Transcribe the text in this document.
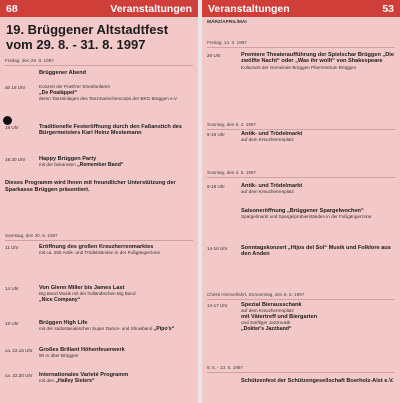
68	Veranstaltungen
19. Brüggener Altstadtfest
vom 29. 8. - 31. 8. 1997
Freitag, den 29. 8. 1997
Brüggener Abend
ab 18 Uhr	Konzert der Poeth'er Streefanfaren
„De Poatäppel“
deren Tanzeinlagen des Tanzmariechencorps der BKG Brüggen e.V.
19 Uhr	Traditionelle Festeröffnung durch den Faßanstich des Bürgermeisters Karl Heinz Mestemann
19.30 Uhr	Happy Brüggen Party
mit der bekannten „Remember Band“
Dieses Programm wird Ihnen mit freundlicher Unterstützung der Sparkasse Brüggen präsentiert.
Samstag, den 30. 8. 1997
11 Uhr	Eröffnung des großen Kreuzherrenmarktes
mit ca. 250 Antik- und Trödelständen in der Fußgängerzone
14 Uhr	Von Glenn Miller bis James Last
Big Band Musik mit der holländischen Big Band
„Nice Company“
19 Uhr	Brüggen High Life
mit der südostasiatischen Super Dance- und Showband „Pipo's“
ca. 22.15 Uhr	Großes Brillant Höhenfeuerwerk
80 m über Brüggen
ca. 22.30 Uhr	Internationales Varieté Programm
mit den „Halley Sisters“
Veranstaltungen	53
MÄRZ/APRIL/MAI
Freitag, 14. 3. 1997
20 Uhr	Premiere Theateraufführung der Spielschar Brüggen „Die zwölfte Nacht“ oder „Was ihr wollt“ von Shakespeare
Kulturamt der Gemeinde Brüggen Pfarrzentrum Brüggen
Sonntag, den 6. 4. 1997
9-16 Uhr	Antik- und Trödelmarkt
auf dem Kreuzherrenplatz
Sonntag, den 4. 5. 1997
9-18 Uhr	Antik- und Trödelmarkt
auf dem Kreuzherrenplatz
Saisoneröffnung „Brüggener Spargelwochen“
Spargelmarkt und Spargelprobierständen in der Fußgängerzone
14-16 Uhr	Sonntagskonzert „Hijos del Sol“ Musik und Folklore aus den Anden
Christi Himmelfahrt, Donnerstag, den 8. 5. 1997
14-17 Uhr	Spezial Bierausschank
auf dem Kreuzherrenplatz
mit Vätertreff und Biergarten
und zünftiger Jazzmusik
„Dokter's Jazzband“
8. 5. - 13. 5. 1997
Schützenfest der Schützengesellschaft Boerholz-Alst e.V.
